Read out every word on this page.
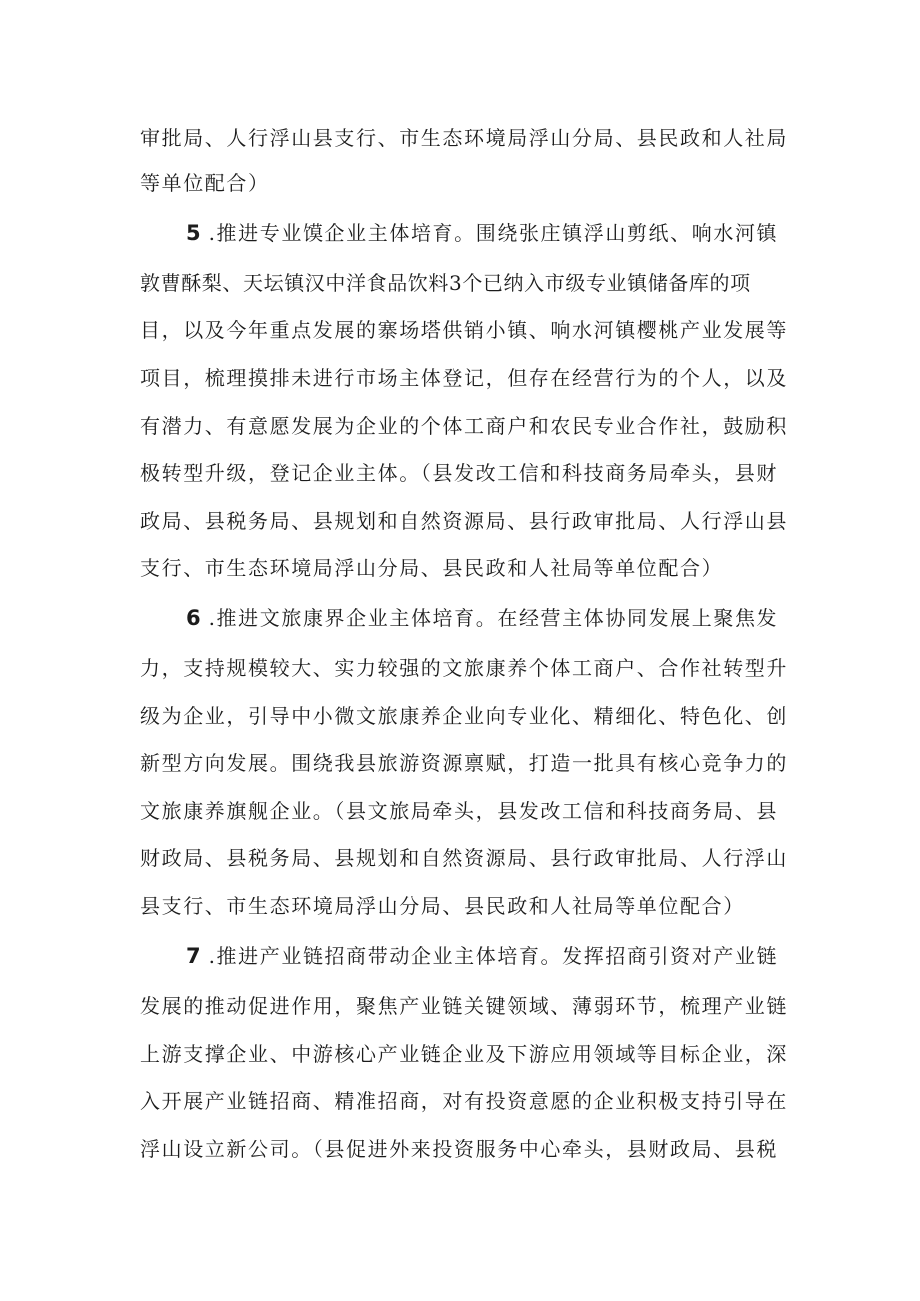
审批局、人行浮山县支行、市生态环境局浮山分局、县民政和人社局

等单位配合）

5 .推进专业馍企业主体培育。围绕张庄镇浮山剪纸、响水河镇

敦曹酥梨、天坛镇汉中洋食品饮料3个已纳入市级专业镇储备库的项

目，以及今年重点发展的寨场塔供销小镇、响水河镇樱桃产业发展等

项目，梳理摸排未进行市场主体登记，但存在经营行为的个人，以及

有潜力、有意愿发展为企业的个体工商户和农民专业合作社，鼓励积

极转型升级，登记企业主体。（县发改工信和科技商务局牵头，县财

政局、县税务局、县规划和自然资源局、县行政审批局、人行浮山县

支行、市生态环境局浮山分局、县民政和人社局等单位配合）

6 .推进文旅康界企业主体培育。在经营主体协同发展上聚焦发

力，支持规模较大、实力较强的文旅康养个体工商户、合作社转型升

级为企业，引导中小微文旅康养企业向专业化、精细化、特色化、创

新型方向发展。围绕我县旅游资源禀赋，打造一批具有核心竞争力的

文旅康养旗舰企业。（县文旅局牵头，县发改工信和科技商务局、县

财政局、县税务局、县规划和自然资源局、县行政审批局、人行浮山

县支行、市生态环境局浮山分局、县民政和人社局等单位配合）

7 .推进产业链招商带动企业主体培育。发挥招商引资对产业链

发展的推动促进作用，聚焦产业链关键领域、薄弱环节，梳理产业链

上游支撑企业、中游核心产业链企业及下游应用领域等目标企业，深

入开展产业链招商、精准招商，对有投资意愿的企业积极支持引导在

浮山设立新公司。（县促进外来投资服务中心牵头，县财政局、县税
